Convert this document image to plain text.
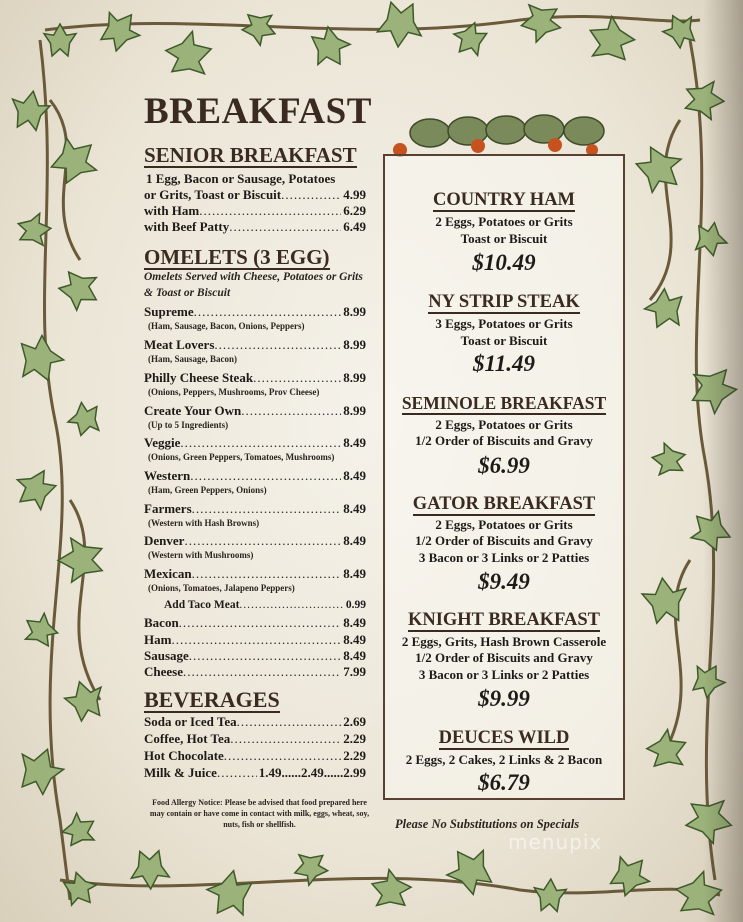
BREAKFAST
SENIOR BREAKFAST
1 Egg, Bacon or Sausage, Potatoes
or Grits, Toast or Biscuit .....	4.99
with Ham .....	6.29
with Beef Patty .....	6.49
OMELETS (3 EGG)
Omelets Served with Cheese, Potatoes or Grits & Toast or Biscuit
Supreme .....	8.99
(Ham, Sausage, Bacon, Onions, Peppers)
Meat Lovers .....	8.99
(Ham, Sausage, Bacon)
Philly Cheese Steak .....	8.99
(Onions, Peppers, Mushrooms, Prov Cheese)
Create Your Own .....	8.99
(Up to 5 Ingredients)
Veggie .....	8.49
(Onions, Green Peppers, Tomatoes, Mushrooms)
Western .....	8.49
(Ham, Green Peppers, Onions)
Farmers .....	8.49
(Western with Hash Browns)
Denver .....	8.49
(Western with Mushrooms)
Mexican .....	8.49
(Onions, Tomatoes, Jalapeno Peppers)
Add Taco Meat .....	0.99
Bacon .....	8.49
Ham .....	8.49
Sausage .....	8.49
Cheese .....	7.99
BEVERAGES
Soda or Iced Tea .....	2.69
Coffee, Hot Tea .....	2.29
Hot Chocolate .....	2.29
Milk & Juice .....	1.49......2.49......2.99
Food Allergy Notice: Please be advised that food prepared here may contain or have come in contact with milk, eggs, wheat, soy, nuts, fish or shellfish.
COUNTRY HAM
2 Eggs, Potatoes or Grits
Toast or Biscuit
$10.49
NY STRIP STEAK
3 Eggs, Potatoes or Grits
Toast or Biscuit
$11.49
SEMINOLE BREAKFAST
2 Eggs, Potatoes or Grits
1/2 Order of Biscuits and Gravy
$6.99
GATOR BREAKFAST
2 Eggs, Potatoes or Grits
1/2 Order of Biscuits and Gravy
3 Bacon or 3 Links or 2 Patties
$9.49
KNIGHT BREAKFAST
2 Eggs, Grits, Hash Brown Casserole
1/2 Order of Biscuits and Gravy
3 Bacon or 3 Links or 2 Patties
$9.99
DEUCES WILD
2 Eggs, 2 Cakes, 2 Links & 2 Bacon
$6.79
Please No Substitutions on Specials
menupix
